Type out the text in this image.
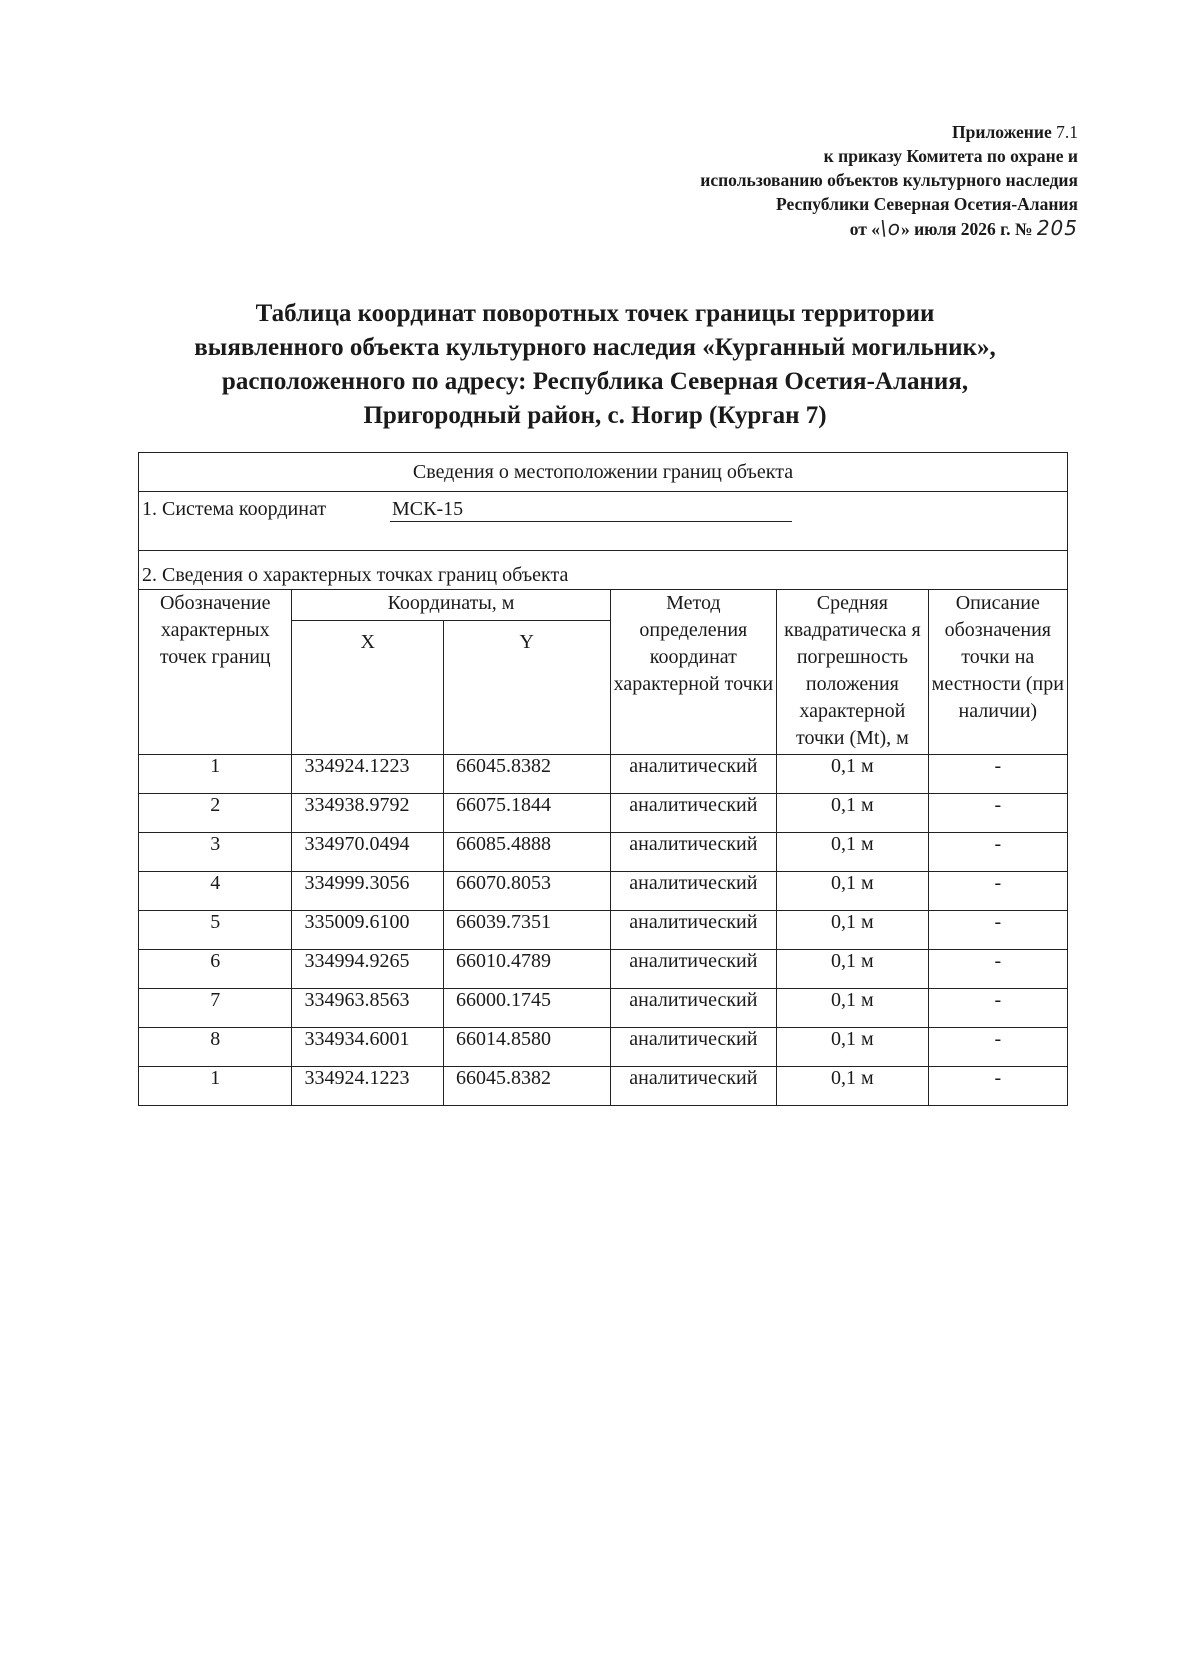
Приложение 7.1
к приказу Комитета по охране и
использованию объектов культурного наследия
Республики Северная Осетия-Алания
от «\o» июля 2026 г. № 205
Таблица координат поворотных точек границы территории
выявленного объекта культурного наследия «Курганный могильник»,
расположенного по адресу: Республика Северная Осетия-Алания,
Пригородный район, с. Ногир (Курган 7)
Сведения о местоположении границ объекта					
1. Система координат МСК-15					
2. Сведения о характерных точках границ объекта					
Обозначение характерных точек границ	Координаты, м		Метод определения координат характерной точки	Средняя квадратическа я погрешность положения характерной точки (Mt), м	Описание обозначения точки на местности (при наличии)
	X	Y			
1	334924.1223	66045.8382	аналитический	0,1 м	-
2	334938.9792	66075.1844	аналитический	0,1 м	-
3	334970.0494	66085.4888	аналитический	0,1 м	-
4	334999.3056	66070.8053	аналитический	0,1 м	-
5	335009.6100	66039.7351	аналитический	0,1 м	-
6	334994.9265	66010.4789	аналитический	0,1 м	-
7	334963.8563	66000.1745	аналитический	0,1 м	-
8	334934.6001	66014.8580	аналитический	0,1 м	-
1	334924.1223	66045.8382	аналитический	0,1 м	-
